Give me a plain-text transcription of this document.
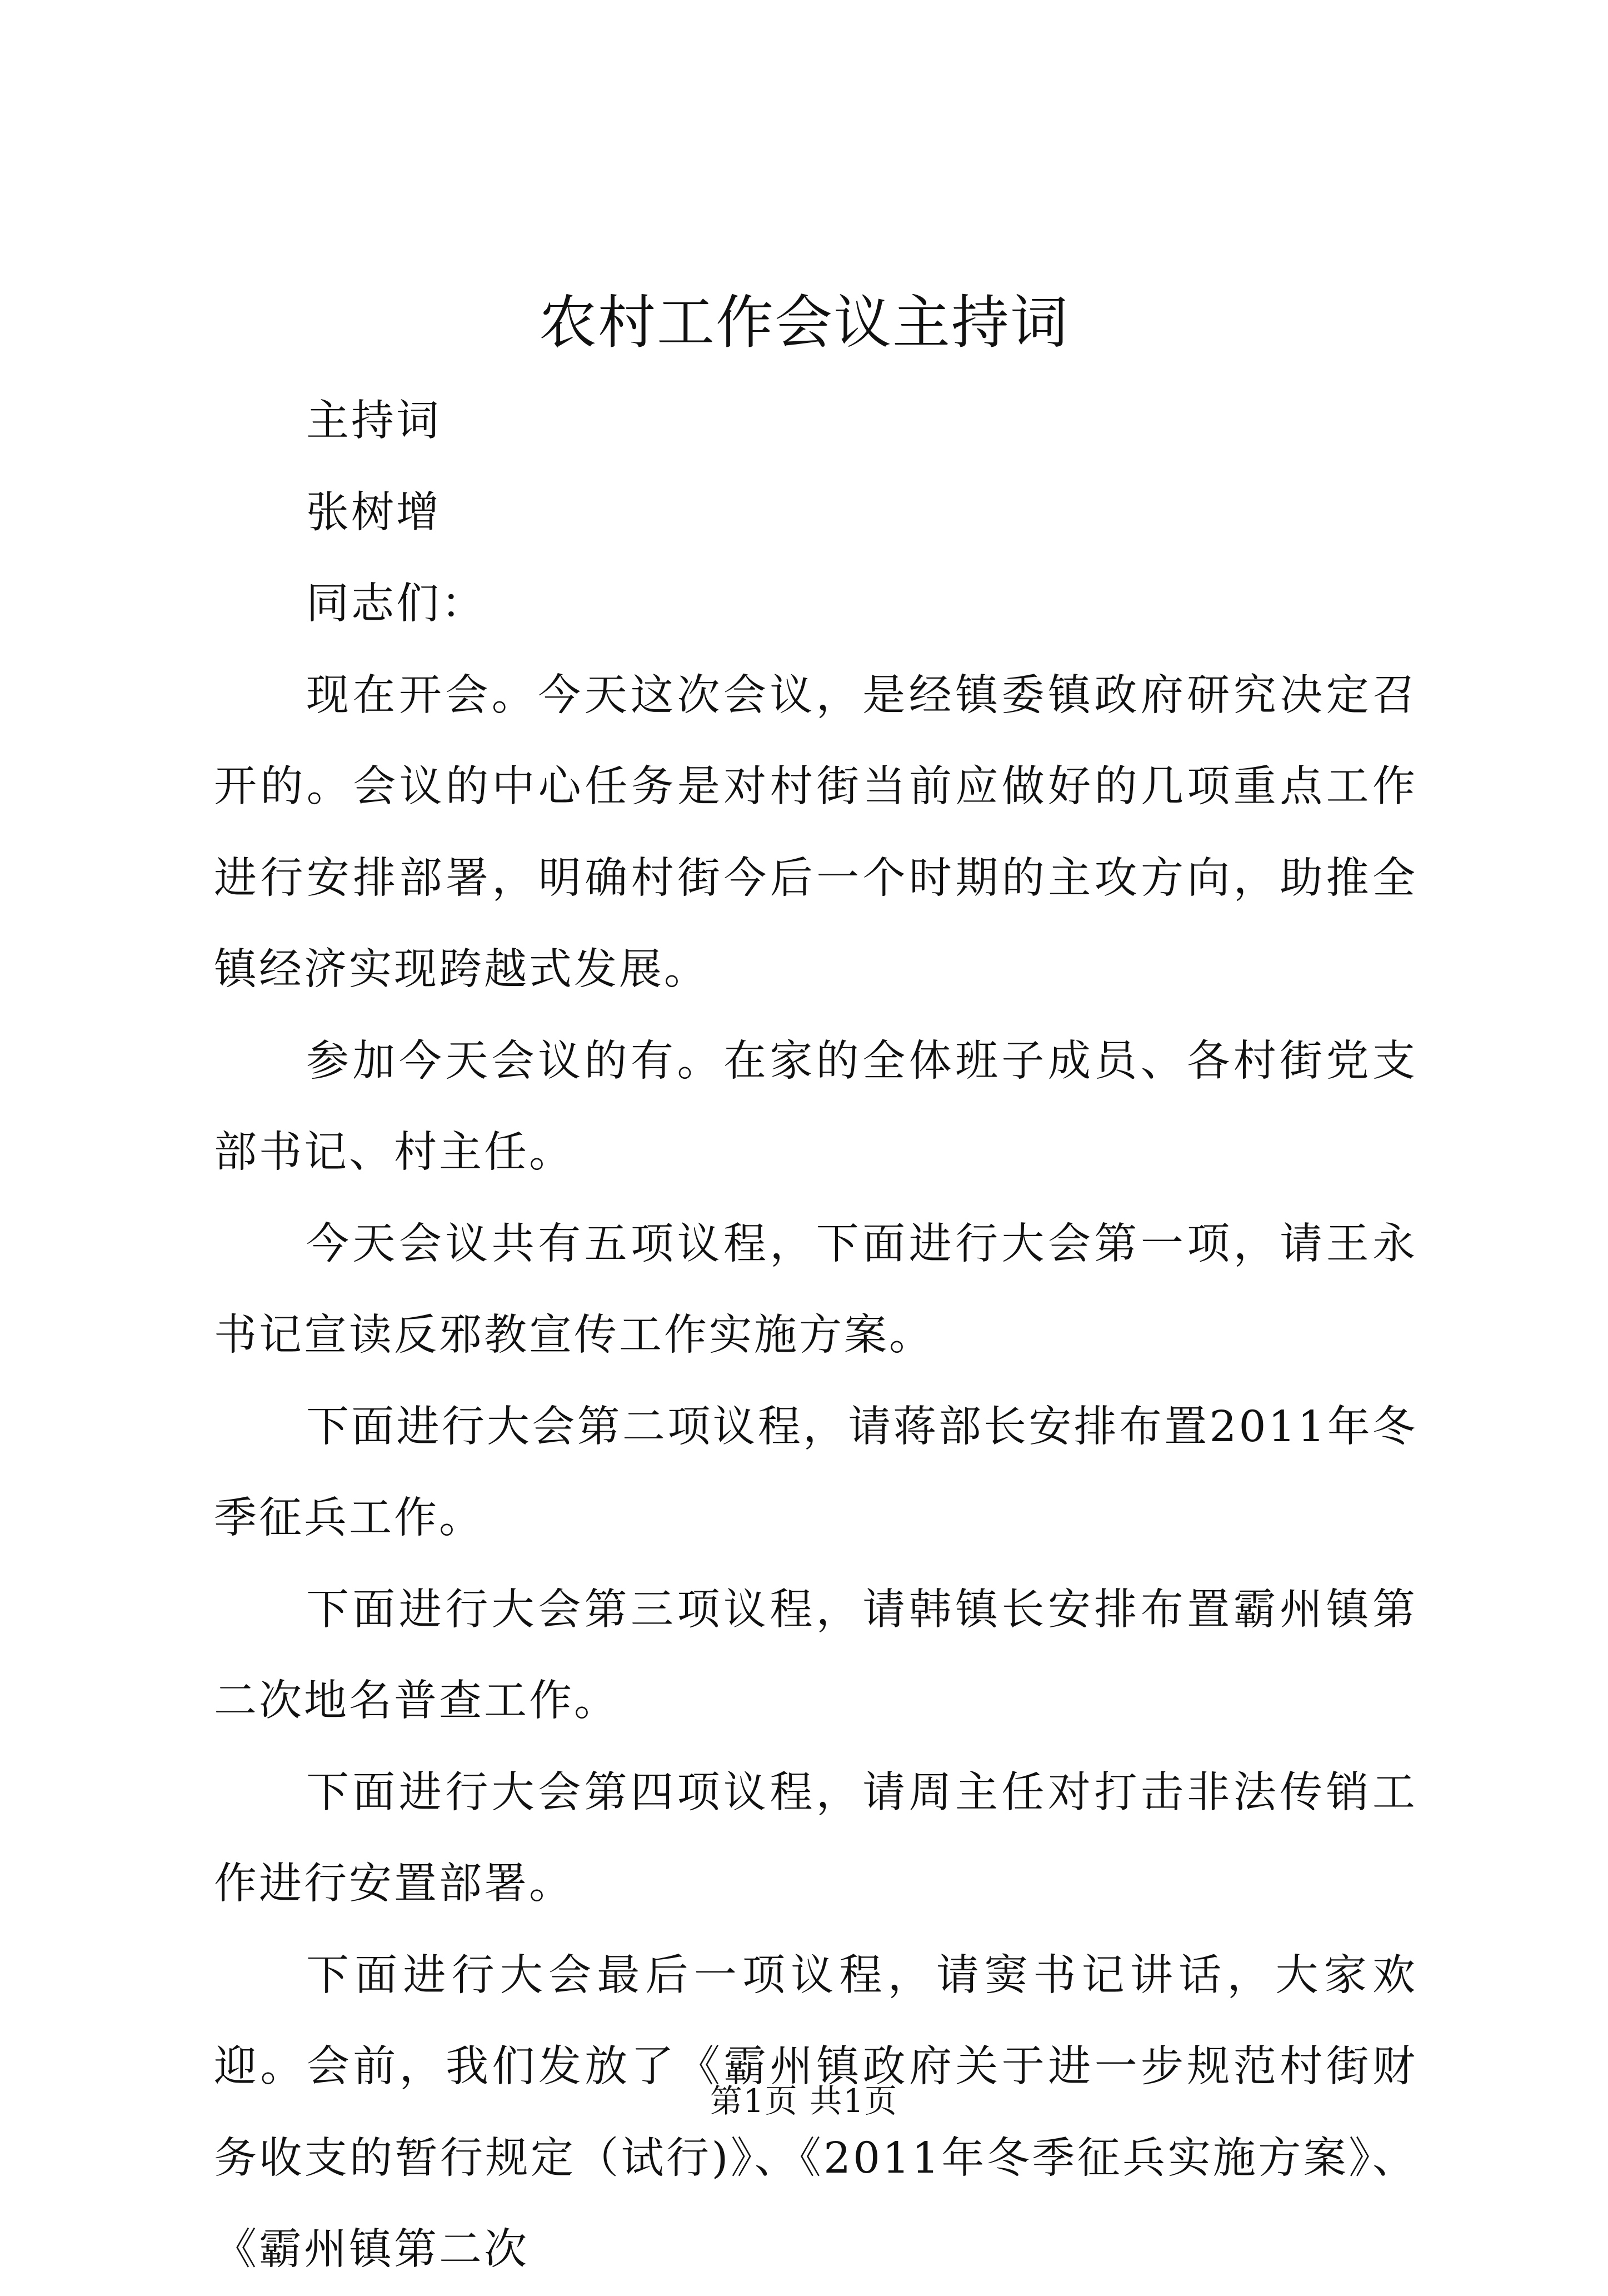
农村工作会议主持词

主持词

张树增

同志们：

现在开会。今天这次会议，是经镇委镇政府研究决定召开的。会议的中心任务是对村街当前应做好的几项重点工作进行安排部署，明确村街今后一个时期的主攻方向，助推全镇经济实现跨越式发展。

参加今天会议的有。在家的全体班子成员、各村街党支部书记、村主任。

今天会议共有五项议程，下面进行大会第一项，请王永书记宣读反邪教宣传工作实施方案。

下面进行大会第二项议程，请蒋部长安排布置2011年冬季征兵工作。

下面进行大会第三项议程，请韩镇长安排布置霸州镇第二次地名普查工作。

下面进行大会第四项议程，请周主任对打击非法传销工作进行安置部署。

下面进行大会最后一项议程，请窦书记讲话，大家欢迎。会前，我们发放了《霸州镇政府关于进一步规范村街财务收支的暂行规定（试行)》、《2011年冬季征兵实施方案》、《霸州镇第二次

第1页 共1页
